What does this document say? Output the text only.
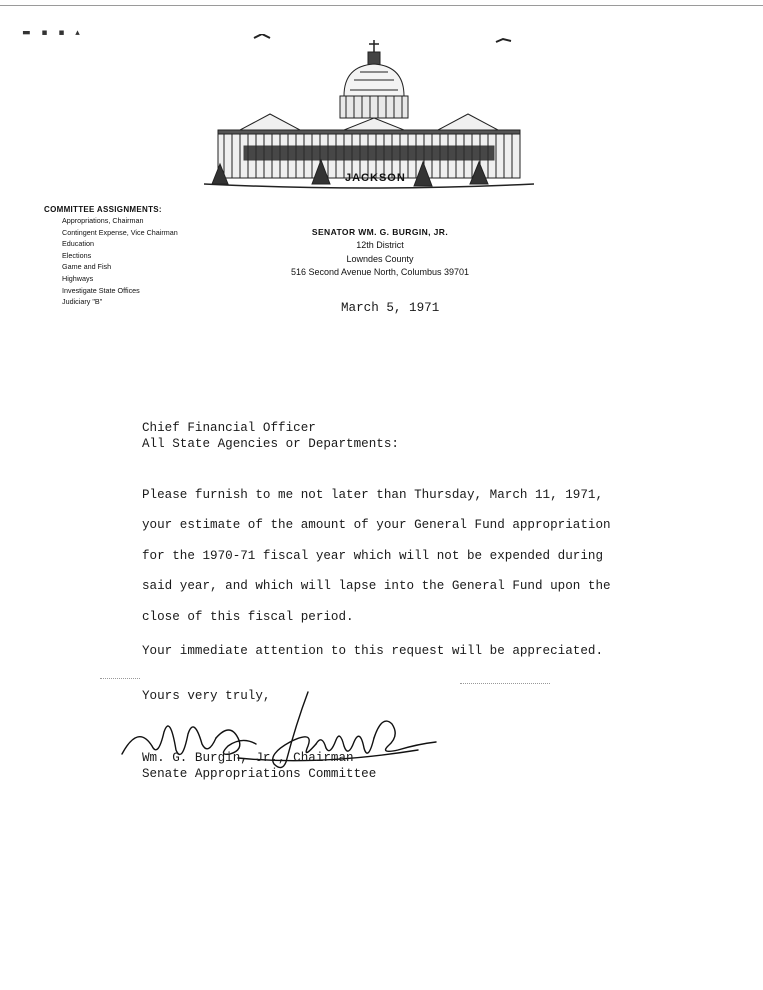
▬ ▪ ▪ ▴
JACKSON
COMMITTEE ASSIGNMENTS:
Appropriations, Chairman
Contingent Expense, Vice Chairman
Education
Elections
Game and Fish
Highways
Investigate State Offices
Judiciary "B"
SENATOR WM. G. BURGIN, JR.
12th District
Lowndes County
516 Second Avenue North, Columbus 39701
March 5, 1971
Chief Financial Officer
All State Agencies or Departments:
Please furnish to me not later than Thursday, March 11, 1971,
your estimate of the amount of your General Fund appropriation
for the 1970-71 fiscal year which will not be expended during
said year, and which will lapse into the General Fund upon the
close of this fiscal period.
Your immediate attention to this request will be appreciated.
Yours very truly,
Wm. G. Burgin, Jr., Chairman
Senate Appropriations Committee
